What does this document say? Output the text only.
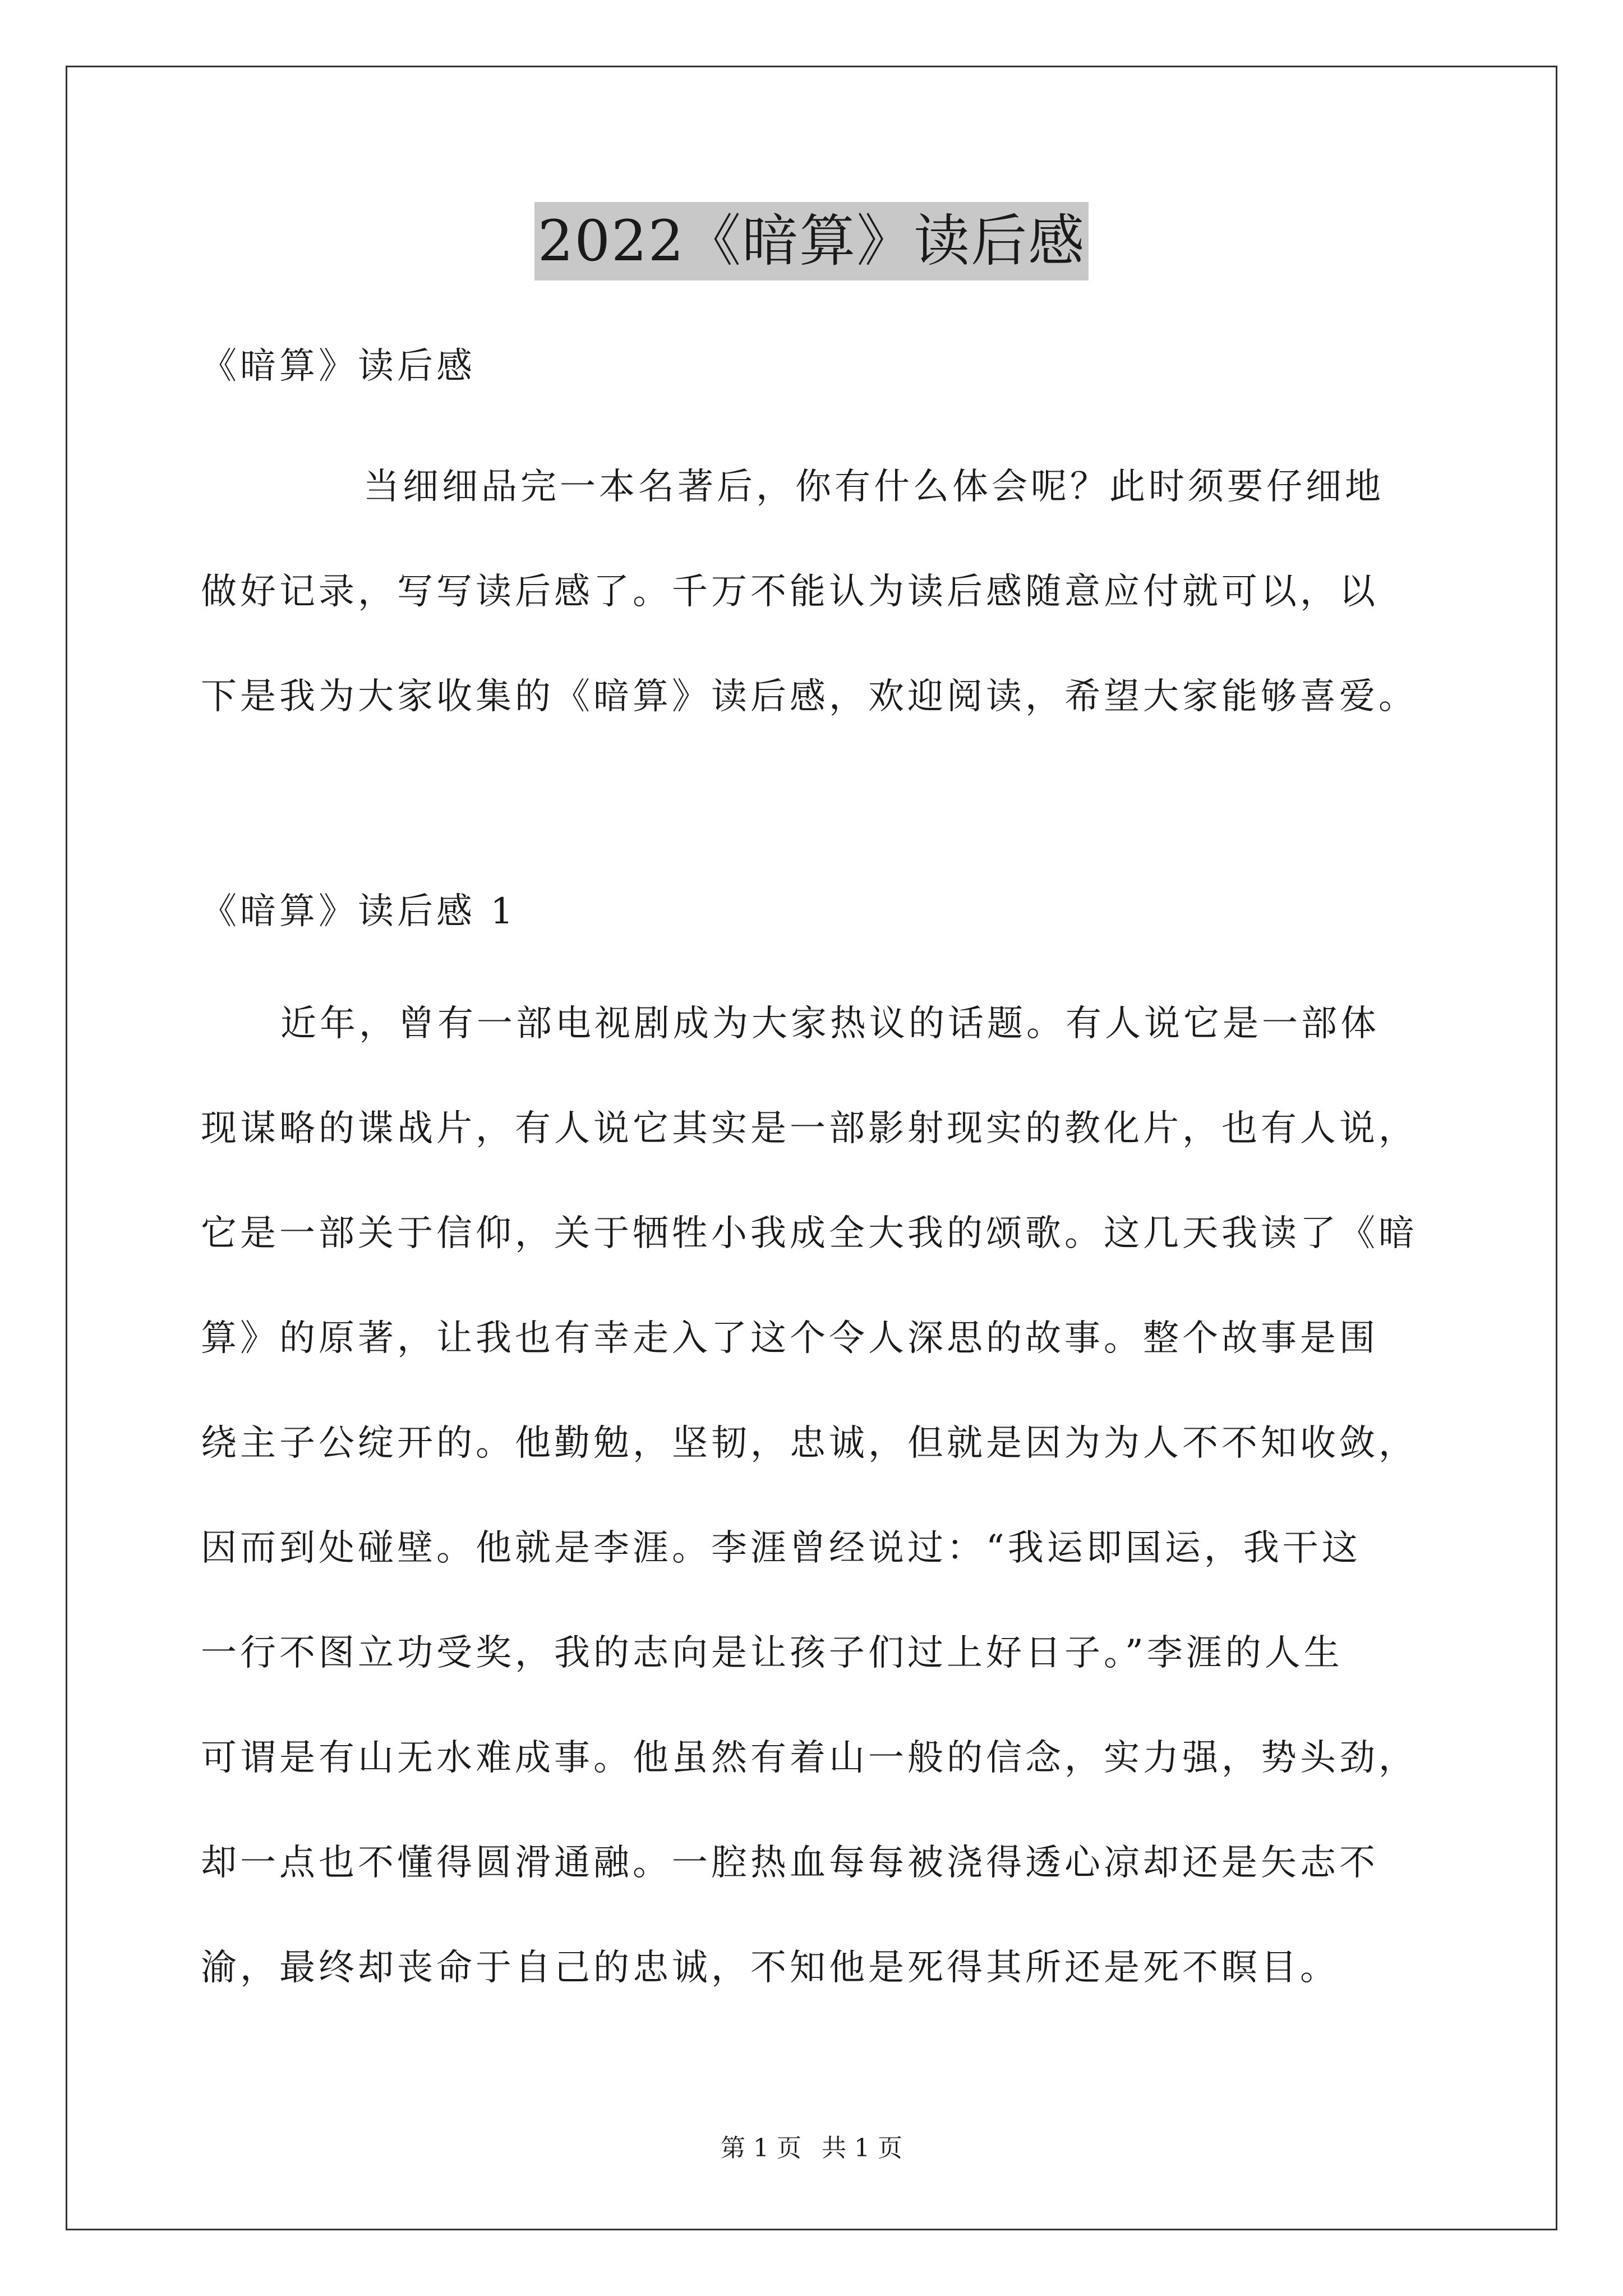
2022《暗算》读后感
《暗算》读后感
当细细品完一本名著后，你有什么体会呢？此时须要仔细地
做好记录，写写读后感了。千万不能认为读后感随意应付就可以，以
下是我为大家收集的《暗算》读后感，欢迎阅读，希望大家能够喜爱。
《暗算》读后感 1
近年，曾有一部电视剧成为大家热议的话题。有人说它是一部体
现谋略的谍战片，有人说它其实是一部影射现实的教化片，也有人说，
它是一部关于信仰，关于牺牲小我成全大我的颂歌。这几天我读了《暗
算》的原著，让我也有幸走入了这个令人深思的故事。整个故事是围
绕主子公绽开的。他勤勉，坚韧，忠诚，但就是因为为人不不知收敛，
因而到处碰壁。他就是李涯。李涯曾经说过：“我运即国运，我干这
一行不图立功受奖，我的志向是让孩子们过上好日子。”李涯的人生
可谓是有山无水难成事。他虽然有着山一般的信念，实力强，势头劲，
却一点也不懂得圆滑通融。一腔热血每每被浇得透心凉却还是矢志不
渝，最终却丧命于自己的忠诚，不知他是死得其所还是死不瞑目。
第 1 页 共 1 页
